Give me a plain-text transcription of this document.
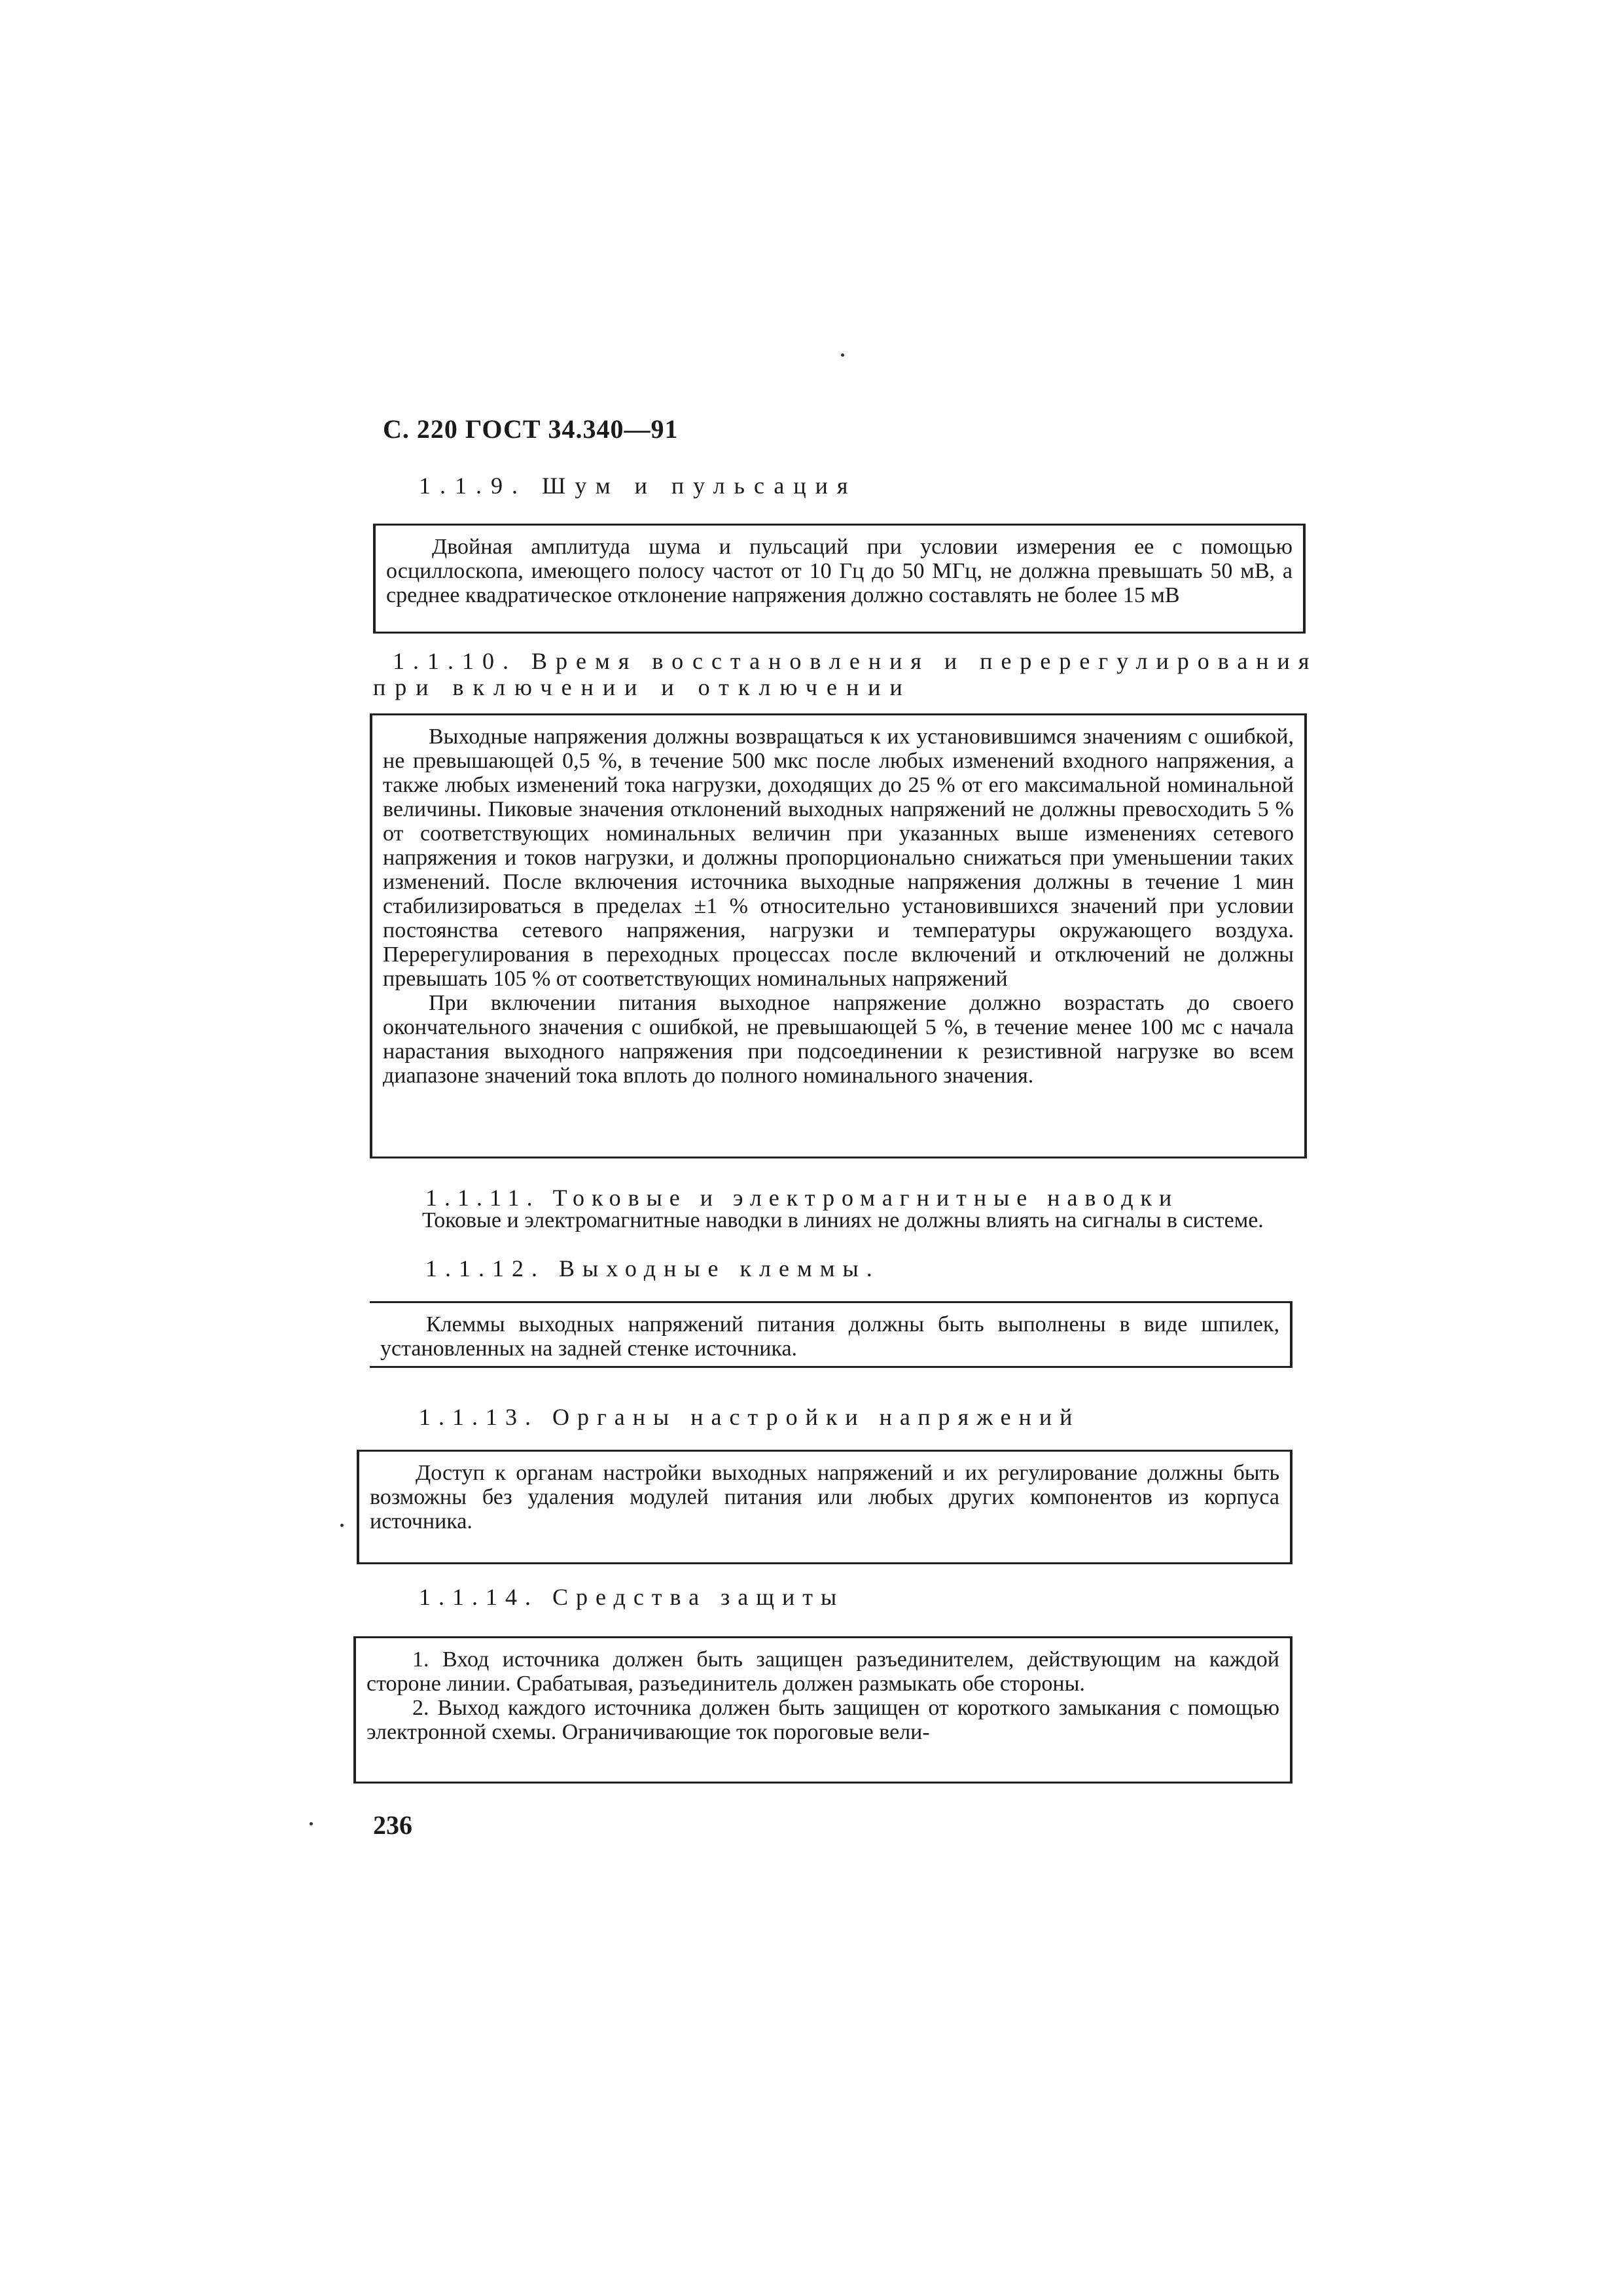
С. 220 ГОСТ 34.340—91
1.1.9. Шум и пульсация

Двойная амплитуда шума и пульсаций при условии измерения ее с помощью осциллоскопа, имеющего полосу частот от 10 Гц до 50 МГц, не должна превышать 50 мВ, а среднее квадратическое отклонение напряжения должно составлять не более 15 мВ

1.1.10. Время восстановления и перерегулирования
при включении и отключении

Выходные напряжения должны возвращаться к их установившимся значениям с ошибкой, не превышающей 0,5 %, в течение 500 мкс после любых изменений входного напряжения, а также любых изменений тока нагрузки, доходящих до 25 % от его максимальной номинальной величины. Пиковые значения отклонений выходных напряжений не должны превосходить 5 % от соответствующих номинальных величин при указанных выше изменениях сетевого напряжения и токов нагрузки, и должны пропорционально снижаться при уменьшении таких изменений. После включения источника выходные напряжения должны в течение 1 мин стабилизироваться в пределах ±1 % относительно установившихся значений при условии постоянства сетевого напряжения, нагрузки и температуры окружающего воздуха. Перерегулирования в переходных процессах после включений и отключений не должны превышать 105 % от соответствующих номинальных напряжений

При включении питания выходное напряжение должно возрастать до своего окончательного значения с ошибкой, не превышающей 5 %, в течение менее 100 мс с начала нарастания выходного напряжения при подсоединении к резистивной нагрузке во всем диапазоне значений тока вплоть до полного номинального значения.

1.1.11. Токовые и электромагнитные наводки

Токовые и электромагнитные наводки в линиях не должны влиять на сигналы в системе.

1.1.12. Выходные клеммы.

Клеммы выходных напряжений питания должны быть выполнены в виде шпилек, установленных на задней стенке источника.

1.1.13. Органы настройки напряжений

Доступ к органам настройки выходных напряжений и их регулирование должны быть возможны без удаления модулей питания или любых других компонентов из корпуса источника.

1.1.14. Средства защиты

1. Вход источника должен быть защищен разъединителем, действующим на каждой стороне линии. Срабатывая, разъединитель должен размыкать обе стороны.

2. Выход каждого источника должен быть защищен от короткого замыкания с помощью электронной схемы. Ограничивающие ток пороговые вели-

236
